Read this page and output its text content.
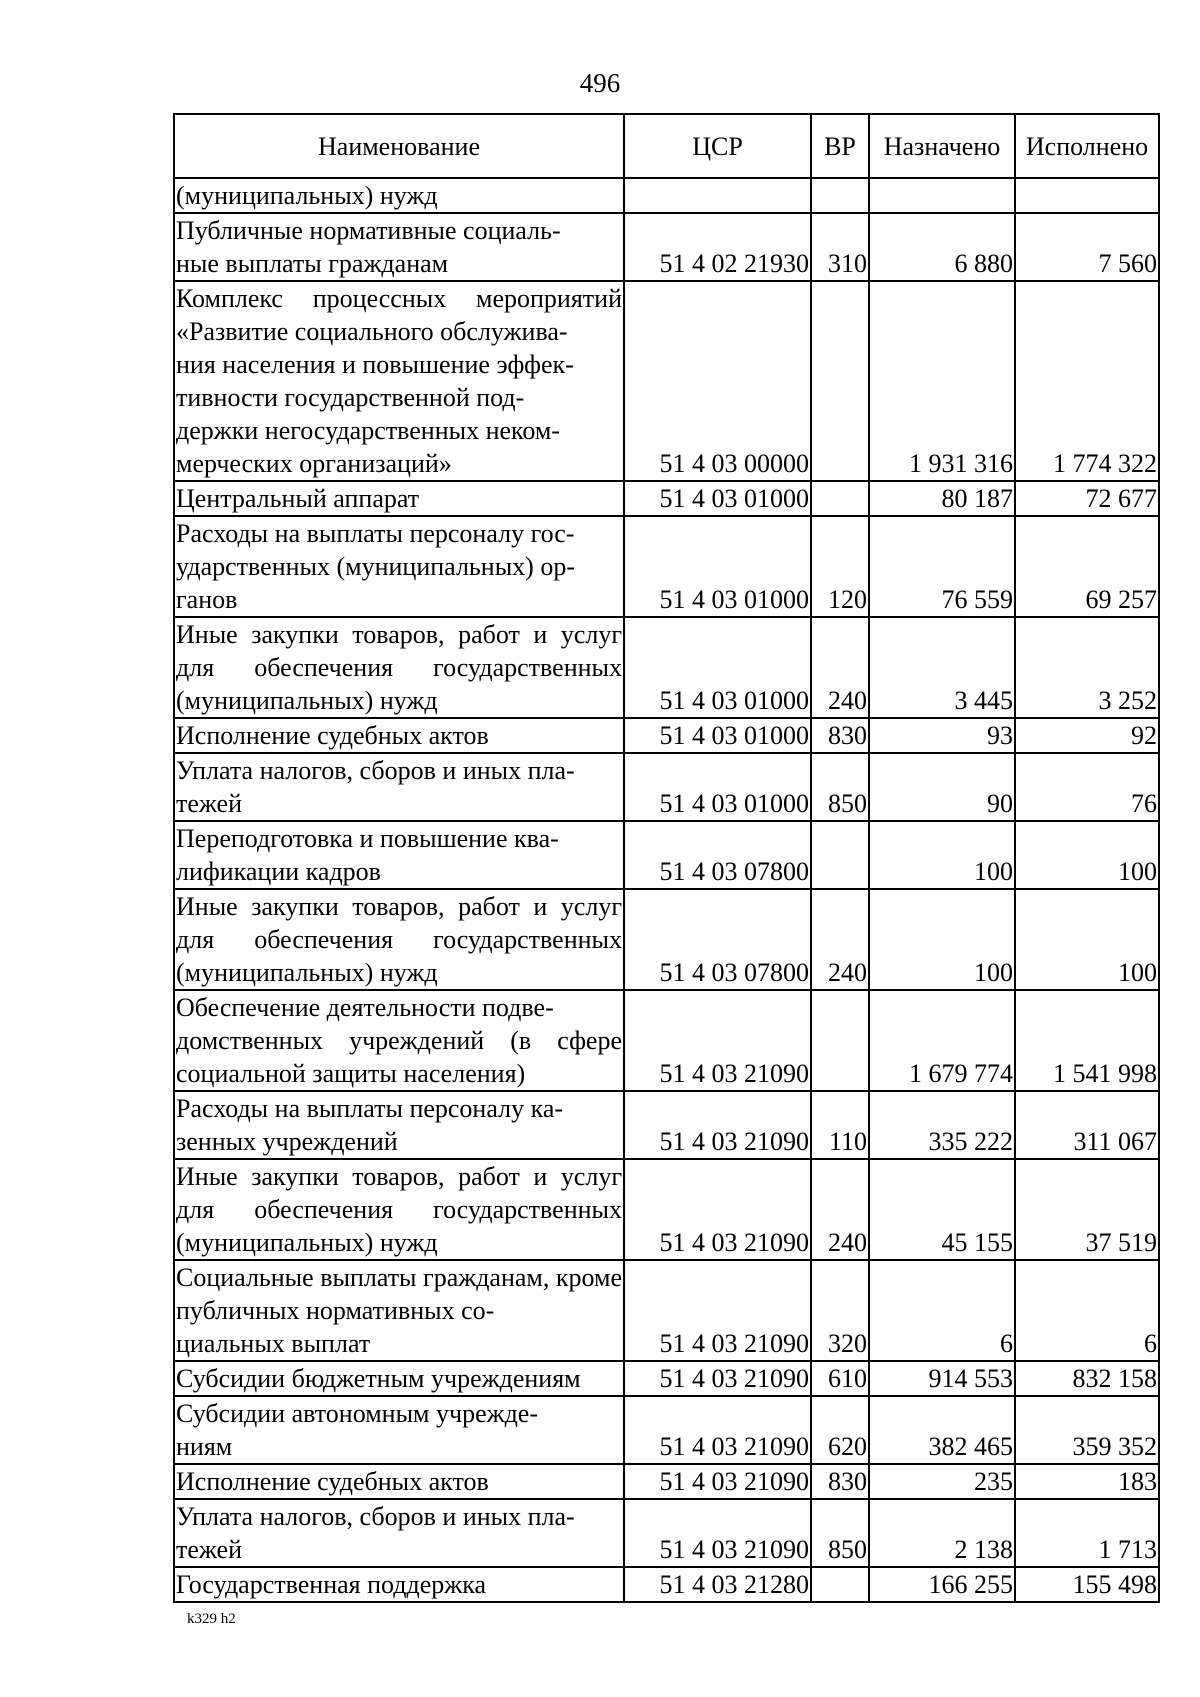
496
Наименование	ЦСР	ВР	Назначено	Исполнено
(муниципальных) нужд				
Публичные нормативные социаль-
ные выплаты гражданам	51 4 02 21930	310	6 880	7 560
Комплекс процессных мероприятий «Развитие социального обслужива-
ния населения и повышение эффек-
тивности государственной под-
держки негосударственных неком-
мерческих организаций»	51 4 03 00000		1 931 316	1 774 322
Центральный аппарат	51 4 03 01000		80 187	72 677
Расходы на выплаты персоналу гос-
ударственных (муниципальных) ор-
ганов	51 4 03 01000	120	76 559	69 257
Иные закупки товаров, работ и услуг для обеспечения государственных (муниципальных) нужд	51 4 03 01000	240	3 445	3 252
Исполнение судебных актов	51 4 03 01000	830	93	92
Уплата налогов, сборов и иных пла-
тежей	51 4 03 01000	850	90	76
Переподготовка и повышение ква-
лификации кадров	51 4 03 07800		100	100
Иные закупки товаров, работ и услуг для обеспечения государственных (муниципальных) нужд	51 4 03 07800	240	100	100
Обеспечение деятельности подве-
домственных учреждений (в сфере социальной защиты населения)	51 4 03 21090		1 679 774	1 541 998
Расходы на выплаты персоналу ка-
зенных учреждений	51 4 03 21090	110	335 222	311 067
Иные закупки товаров, работ и услуг для обеспечения государственных (муниципальных) нужд	51 4 03 21090	240	45 155	37 519
Социальные выплаты гражданам, кроме публичных нормативных со-
циальных выплат	51 4 03 21090	320	6	6
Субсидии бюджетным учреждениям	51 4 03 21090	610	914 553	832 158
Субсидии автономным учрежде-
ниям	51 4 03 21090	620	382 465	359 352
Исполнение судебных актов	51 4 03 21090	830	235	183
Уплата налогов, сборов и иных пла-
тежей	51 4 03 21090	850	2 138	1 713
Государственная поддержка	51 4 03 21280		166 255	155 498
k329 h2
